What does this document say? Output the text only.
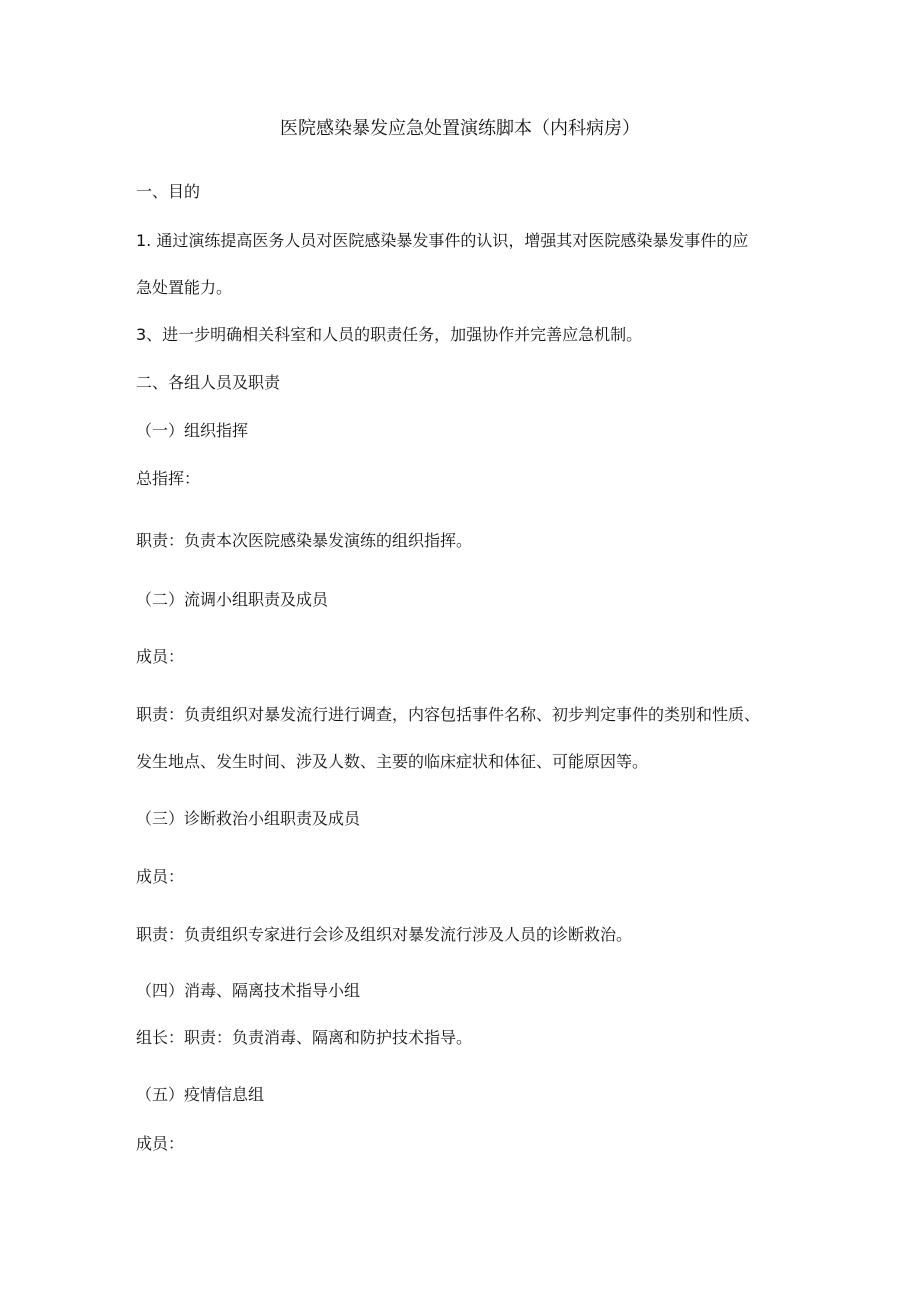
医院感染暴发应急处置演练脚本（内科病房）
一、目的
1. 通过演练提高医务人员对医院感染暴发事件的认识，增强其对医院感染暴发事件的应
急处置能力。
3、进一步明确相关科室和人员的职责任务，加强协作并完善应急机制。
二、各组人员及职责
（一）组织指挥
总指挥：
职责：负责本次医院感染暴发演练的组织指挥。
（二）流调小组职责及成员
成员：
职责：负责组织对暴发流行进行调查，内容包括事件名称、初步判定事件的类别和性质、
发生地点、发生时间、涉及人数、主要的临床症状和体征、可能原因等。
（三）诊断救治小组职责及成员
成员：
职责：负责组织专家进行会诊及组织对暴发流行涉及人员的诊断救治。
（四）消毒、隔离技术指导小组
组长：职责：负责消毒、隔离和防护技术指导。
（五）疫情信息组
成员：
